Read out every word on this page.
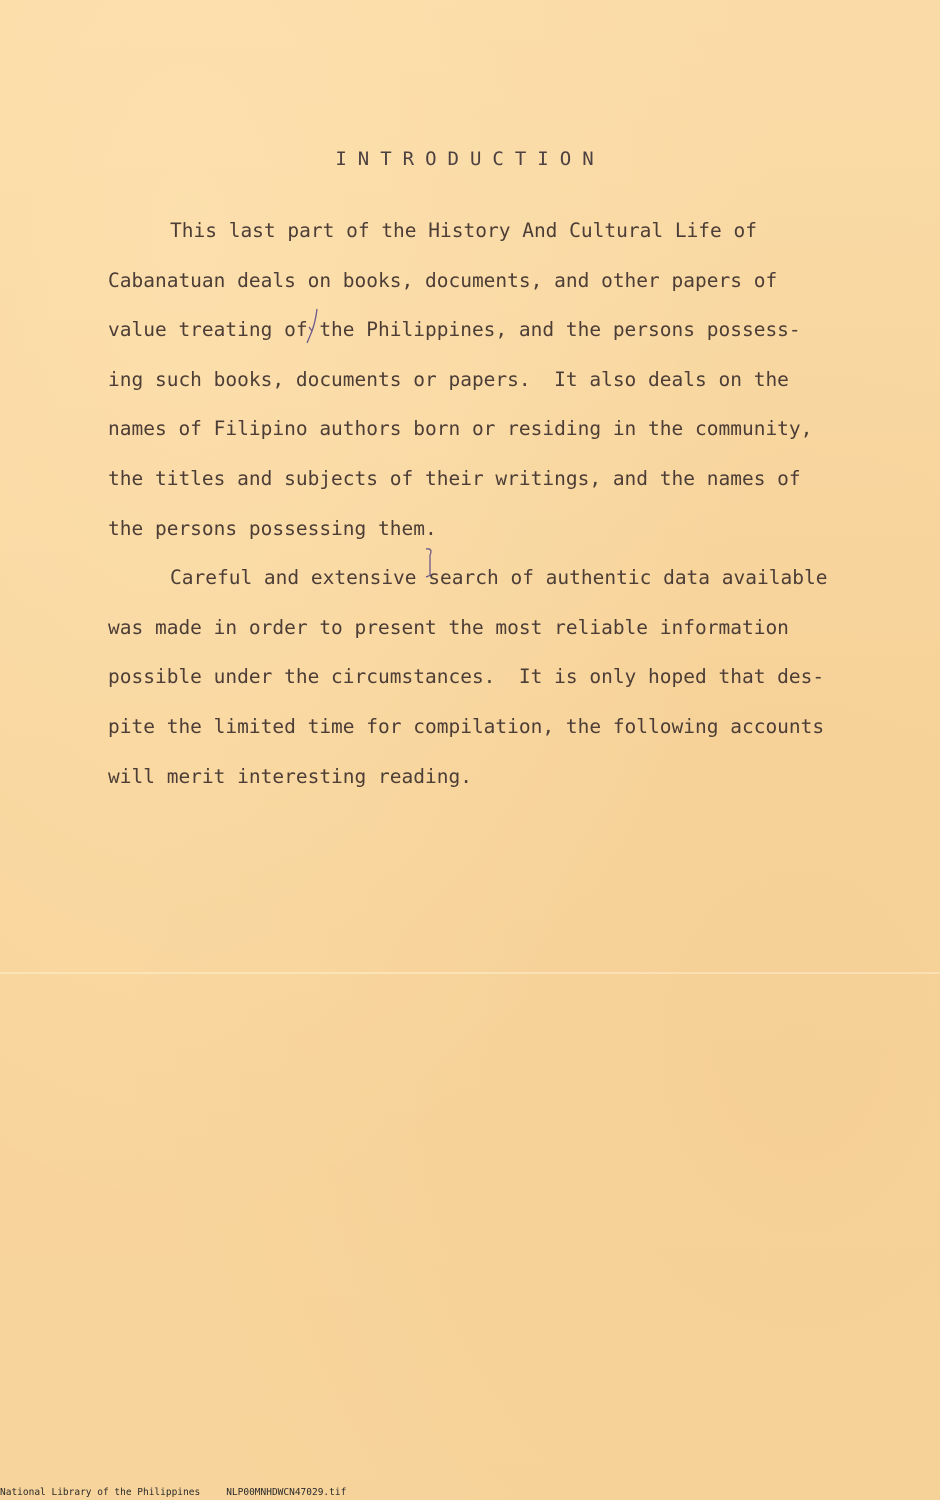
INTRODUCTION
This last part of the History And Cultural Life of
Cabanatuan deals on books, documents, and other papers of
value treating of the Philippines, and the persons possess-
ing such books, documents or papers.  It also deals on the
names of Filipino authors born or residing in the community,
the titles and subjects of their writings, and the names of
the persons possessing them.
Careful and extensive search of authentic data available
was made in order to present the most reliable information
possible under the circumstances.  It is only hoped that des-
pite the limited time for compilation, the following accounts
will merit interesting reading.
National Library of the Philippines	NLP00MNHDWCN47029.tif
